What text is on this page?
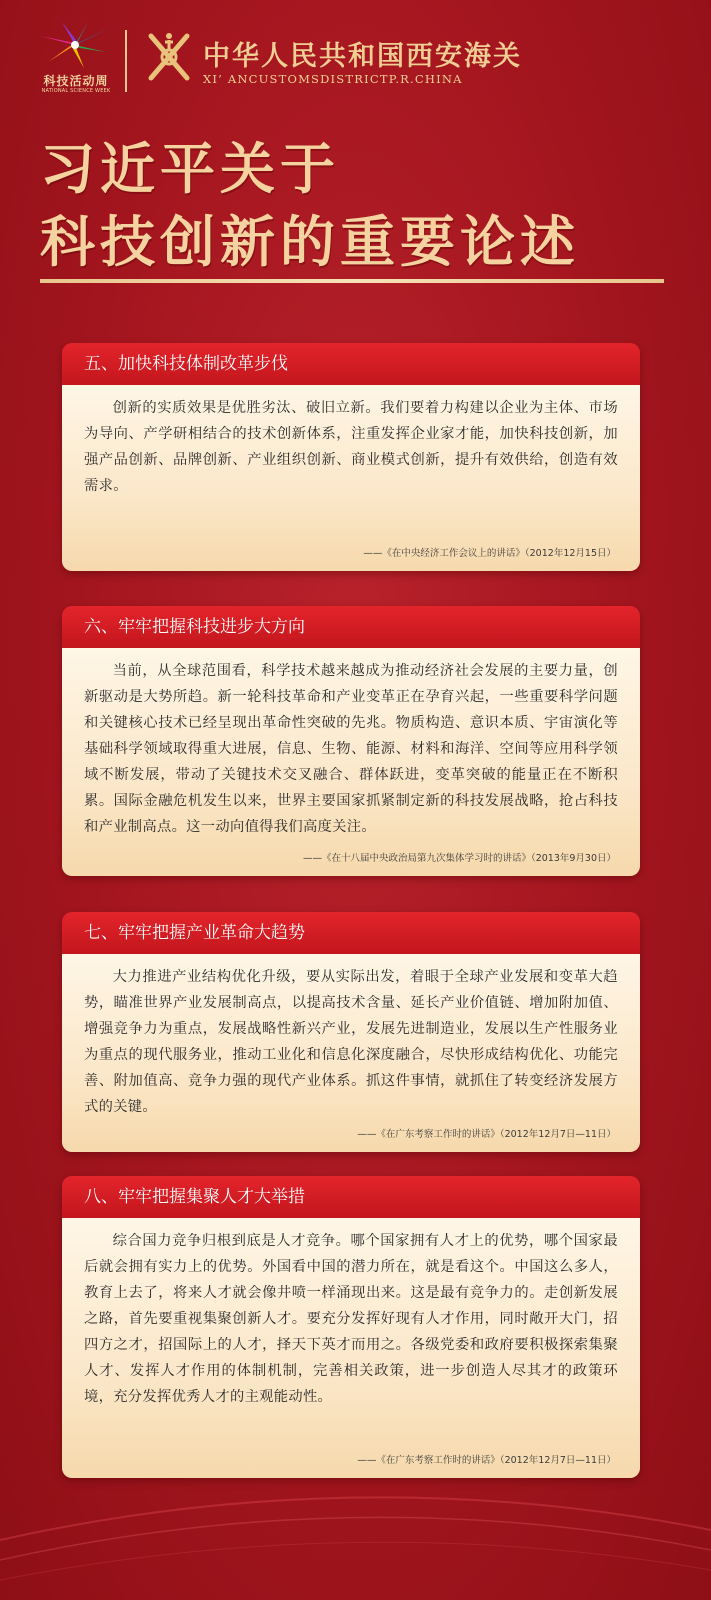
科技活动周
NATIONAL SCIENCE WEEK
中华人民共和国西安海关
XI’ ANCUSTOMSDISTRICTP.R.CHINA
习近平关于
科技创新的重要论述
五、加快科技体制改革步伐

创新的实质效果是优胜劣汰、破旧立新。我们要着力构建以企业为主体、市场为导向、产学研相结合的技术创新体系，注重发挥企业家才能，加快科技创新，加强产品创新、品牌创新、产业组织创新、商业模式创新，提升有效供给，创造有效需求。

——《在中央经济工作会议上的讲话》（2012年12月15日）
六、牢牢把握科技进步大方向

当前，从全球范围看，科学技术越来越成为推动经济社会发展的主要力量，创新驱动是大势所趋。新一轮科技革命和产业变革正在孕育兴起，一些重要科学问题和关键核心技术已经呈现出革命性突破的先兆。物质构造、意识本质、宇宙演化等基础科学领域取得重大进展，信息、生物、能源、材料和海洋、空间等应用科学领域不断发展，带动了关键技术交叉融合、群体跃进，变革突破的能量正在不断积累。国际金融危机发生以来，世界主要国家抓紧制定新的科技发展战略，抢占科技和产业制高点。这一动向值得我们高度关注。

——《在十八届中央政治局第九次集体学习时的讲话》（2013年9月30日）
七、牢牢把握产业革命大趋势

大力推进产业结构优化升级，要从实际出发，着眼于全球产业发展和变革大趋势，瞄准世界产业发展制高点，以提高技术含量、延长产业价值链、增加附加值、增强竞争力为重点，发展战略性新兴产业，发展先进制造业，发展以生产性服务业为重点的现代服务业，推动工业化和信息化深度融合，尽快形成结构优化、功能完善、附加值高、竞争力强的现代产业体系。抓这件事情，就抓住了转变经济发展方式的关键。

——《在广东考察工作时的讲话》（2012年12月7日—11日）
八、牢牢把握集聚人才大举措

综合国力竞争归根到底是人才竞争。哪个国家拥有人才上的优势，哪个国家最后就会拥有实力上的优势。外国看中国的潜力所在，就是看这个。中国这么多人，教育上去了，将来人才就会像井喷一样涌现出来。这是最有竞争力的。走创新发展之路，首先要重视集聚创新人才。要充分发挥好现有人才作用，同时敞开大门，招四方之才，招国际上的人才，择天下英才而用之。各级党委和政府要积极探索集聚人才、发挥人才作用的体制机制，完善相关政策，进一步创造人尽其才的政策环境，充分发挥优秀人才的主观能动性。

——《在广东考察工作时的讲话》（2012年12月7日—11日）
